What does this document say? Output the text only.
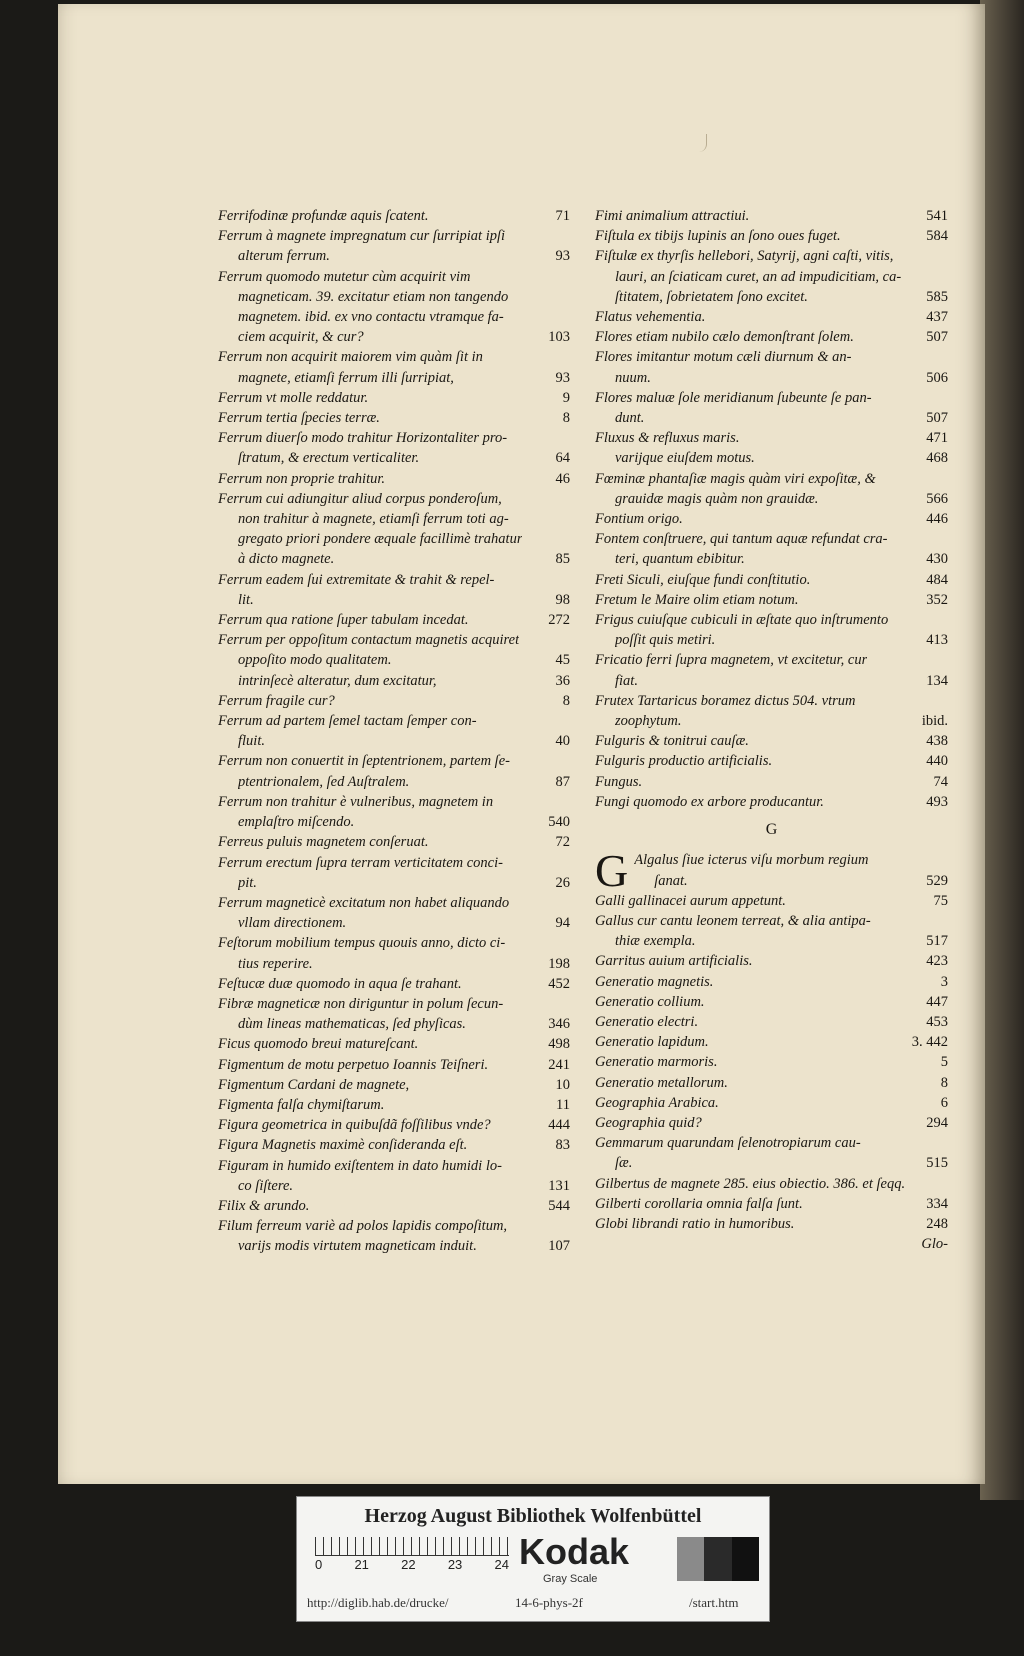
Ferrifodinæ profundæ aquis ſcatent.	71
Ferrum à magnete impregnatum cur ſurripiat ipſi
alterum ferrum.	93
Ferrum quomodo mutetur cùm acquirit vim
magneticam. 39. excitatur etiam non tangendo
magnetem. ibid. ex vno contactu vtramque fa-
ciem acquirit, & cur?	103
Ferrum non acquirit maiorem vim quàm ſit in
magnete, etiamſi ferrum illi ſurripiat,	93
Ferrum vt molle reddatur.	9
Ferrum tertia ſpecies terræ.	8
Ferrum diuerſo modo trahitur Horizontaliter pro-
ſtratum, & erectum verticaliter.	64
Ferrum non proprie trahitur.	46
Ferrum cui adiungitur aliud corpus ponderoſum,
non trahitur à magnete, etiamſi ferrum toti ag-
gregato priori pondere æquale facillimè trahatur
à dicto magnete.	85
Ferrum eadem ſui extremitate & trahit & repel-
lit.	98
Ferrum qua ratione ſuper tabulam incedat.	272
Ferrum per oppoſitum contactum magnetis acquiret
oppoſito modo qualitatem.	45
intrinſecè alteratur, dum excitatur,	36
Ferrum fragile cur?	8
Ferrum ad partem ſemel tactam ſemper con-
fluit.	40
Ferrum non conuertit in ſeptentrionem, partem ſe-
ptentrionalem, ſed Auſtralem.	87
Ferrum non trahitur è vulneribus, magnetem in
emplaſtro miſcendo.	540
Ferreus puluis magnetem conſeruat.	72
Ferrum erectum ſupra terram verticitatem conci-
pit.	26
Ferrum magneticè excitatum non habet aliquando
vllam directionem.	94
Feſtorum mobilium tempus quouis anno, dicto ci-
tius reperire.	198
Feſtucæ duæ quomodo in aqua ſe trahant.	452
Fibræ magneticæ non diriguntur in polum ſecun-
dùm lineas mathematicas, ſed phyſicas.	346
Ficus quomodo breui matureſcant.	498
Figmentum de motu perpetuo Ioannis Teiſneri.	241
Figmentum Cardani de magnete,	10
Figmenta falſa chymiſtarum.	11
Figura geometrica in quibuſdã foſſilibus vnde?	444
Figura Magnetis maximè conſideranda eſt.	83
Figuram in humido exiſtentem in dato humidi lo-
co ſiſtere.	131
Filix & arundo.	544
Filum ferreum variè ad polos lapidis compoſitum,
varijs modis virtutem magneticam induit.	107
Fimi animalium attractiui.	541
Fiſtula ex tibijs lupinis an ſono oues fuget.	584
Fiſtulæ ex thyrſis hellebori, Satyrij, agni caſti, vitis,
lauri, an ſciaticam curet, an ad impudicitiam, ca-
ſtitatem, ſobrietatem ſono excitet.	585
Flatus vehementia.	437
Flores etiam nubilo cælo demonſtrant ſolem.	507
Flores imitantur motum cæli diurnum & an-
nuum.	506
Flores maluæ ſole meridianum ſubeunte ſe pan-
dunt.	507
Fluxus & refluxus maris.	471
varijque eiuſdem motus.	468
Fœminæ phantaſiæ magis quàm viri expoſitæ, &
grauidæ magis quàm non grauidæ.	566
Fontium origo.	446
Fontem conſtruere, qui tantum aquæ refundat cra-
teri, quantum ebibitur.	430
Freti Siculi, eiuſque fundi conſtitutio.	484
Fretum le Maire olim etiam notum.	352
Frigus cuiuſque cubiculi in æſtate quo inſtrumento
poſſit quis metiri.	413
Fricatio ferri ſupra magnetem, vt excitetur, cur
fiat.	134
Frutex Tartaricus boramez dictus 504. vtrum
zoophytum.	ibid.
Fulguris & tonitrui cauſæ.	438
Fulguris productio artificialis.	440
Fungus.	74
Fungi quomodo ex arbore producantur.	493
G
G Algalus ſiue icterus viſu morbum regium
ſanat.	529
Galli gallinacei aurum appetunt.	75
Gallus cur cantu leonem terreat, & alia antipa-
thiæ exempla.	517
Garritus auium artificialis.	423
Generatio magnetis.	3
Generatio collium.	447
Generatio electri.	453
Generatio lapidum.	3. 442
Generatio marmoris.	5
Generatio metallorum.	8
Geographia Arabica.	6
Geographia quid?	294
Gemmarum quarundam ſelenotropiarum cau-
ſæ.	515
Gilbertus de magnete 285. eius obiectio. 386. et ſeqq.
Gilberti corollaria omnia falſa ſunt.	334
Globi librandi ratio in humoribus.	248
Glo-
Herzog August Bibliothek Wolfenbüttel
0 21 22 23 24 Kodak
Gray Scale
http://diglib.hab.de/drucke/	14-6-phys-2f	/start.htm
